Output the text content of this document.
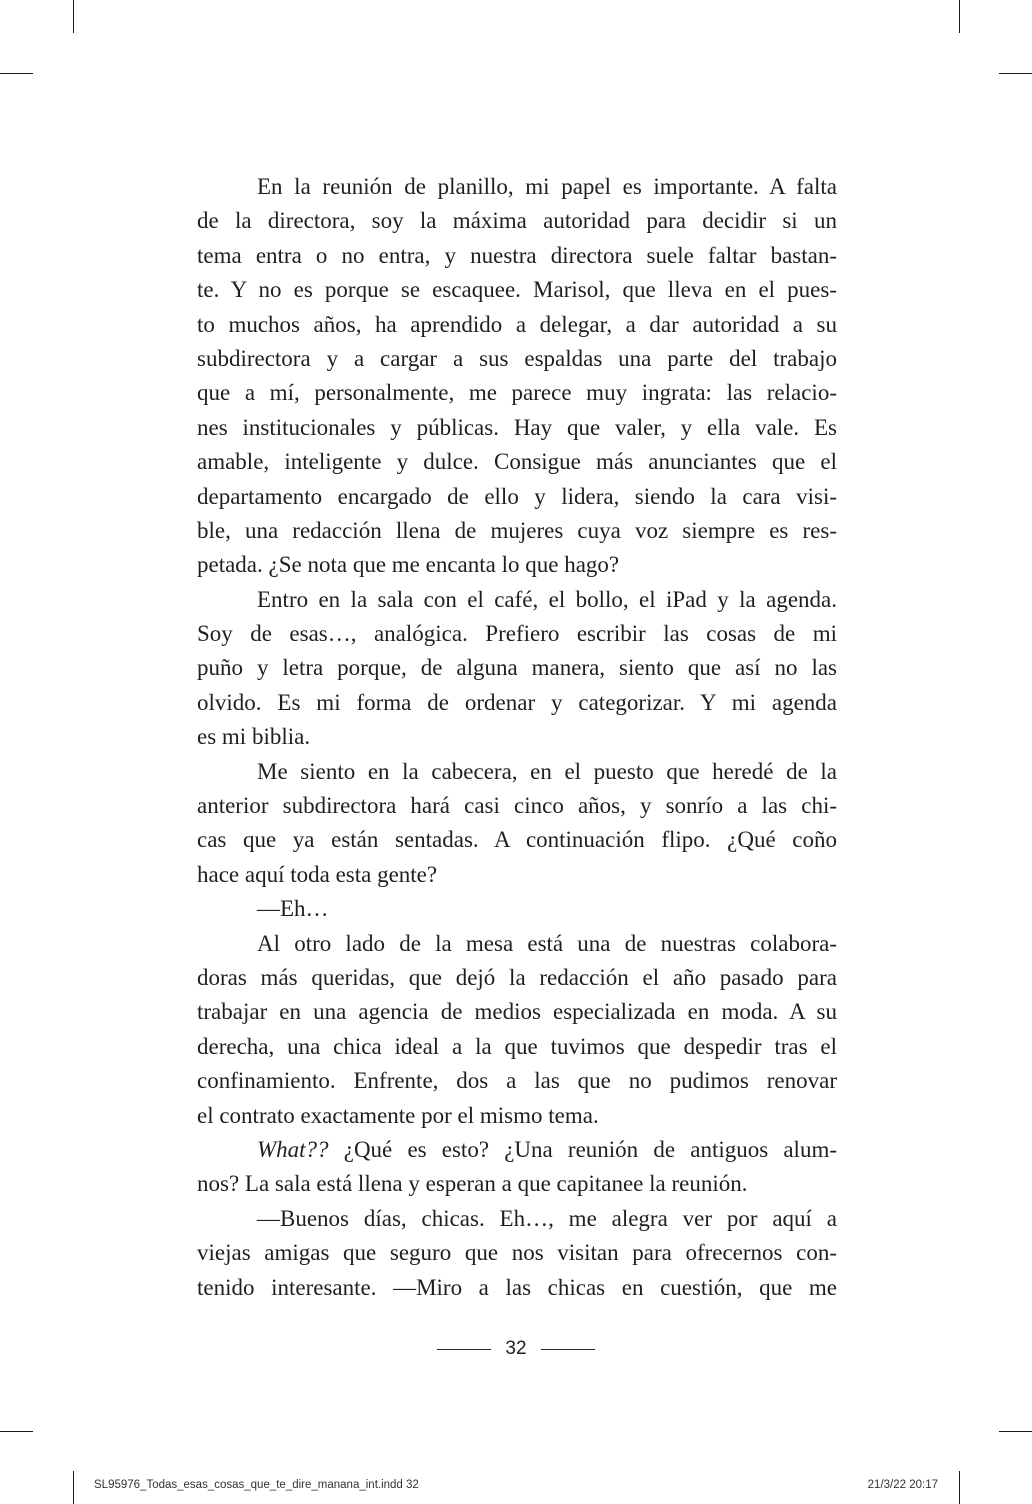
En la reunión de planillo, mi papel es importante. A falta
de la directora, soy la máxima autoridad para decidir si un
tema entra o no entra, y nuestra directora suele faltar bastan-
te. Y no es porque se escaquee. Marisol, que lleva en el pues-
to muchos años, ha aprendido a delegar, a dar autoridad a su
subdirectora y a cargar a sus espaldas una parte del trabajo
que a mí, personalmente, me parece muy ingrata: las relacio-
nes institucionales y públicas. Hay que valer, y ella vale. Es
amable, inteligente y dulce. Consigue más anunciantes que el
departamento encargado de ello y lidera, siendo la cara visi-
ble, una redacción llena de mujeres cuya voz siempre es res-
petada. ¿Se nota que me encanta lo que hago?
Entro en la sala con el café, el bollo, el iPad y la agenda.
Soy de esas…, analógica. Prefiero escribir las cosas de mi
puño y letra porque, de alguna manera, siento que así no las
olvido. Es mi forma de ordenar y categorizar. Y mi agenda
es mi biblia.
Me siento en la cabecera, en el puesto que heredé de la
anterior subdirectora hará casi cinco años, y sonrío a las chi-
cas que ya están sentadas. A continuación flipo. ¿Qué coño
hace aquí toda esta gente?
—Eh…
Al otro lado de la mesa está una de nuestras colabora-
doras más queridas, que dejó la redacción el año pasado para
trabajar en una agencia de medios especializada en moda. A su
derecha, una chica ideal a la que tuvimos que despedir tras el
confinamiento. Enfrente, dos a las que no pudimos renovar
el contrato exactamente por el mismo tema.
What?? ¿Qué es esto? ¿Una reunión de antiguos alum-
nos? La sala está llena y esperan a que capitanee la reunión.
—Buenos días, chicas. Eh…, me alegra ver por aquí a
viejas amigas que seguro que nos visitan para ofrecernos con-
tenido interesante. —Miro a las chicas en cuestión, que me
32
SL95976_Todas_esas_cosas_que_te_dire_manana_int.indd 32	21/3/22 20:17
